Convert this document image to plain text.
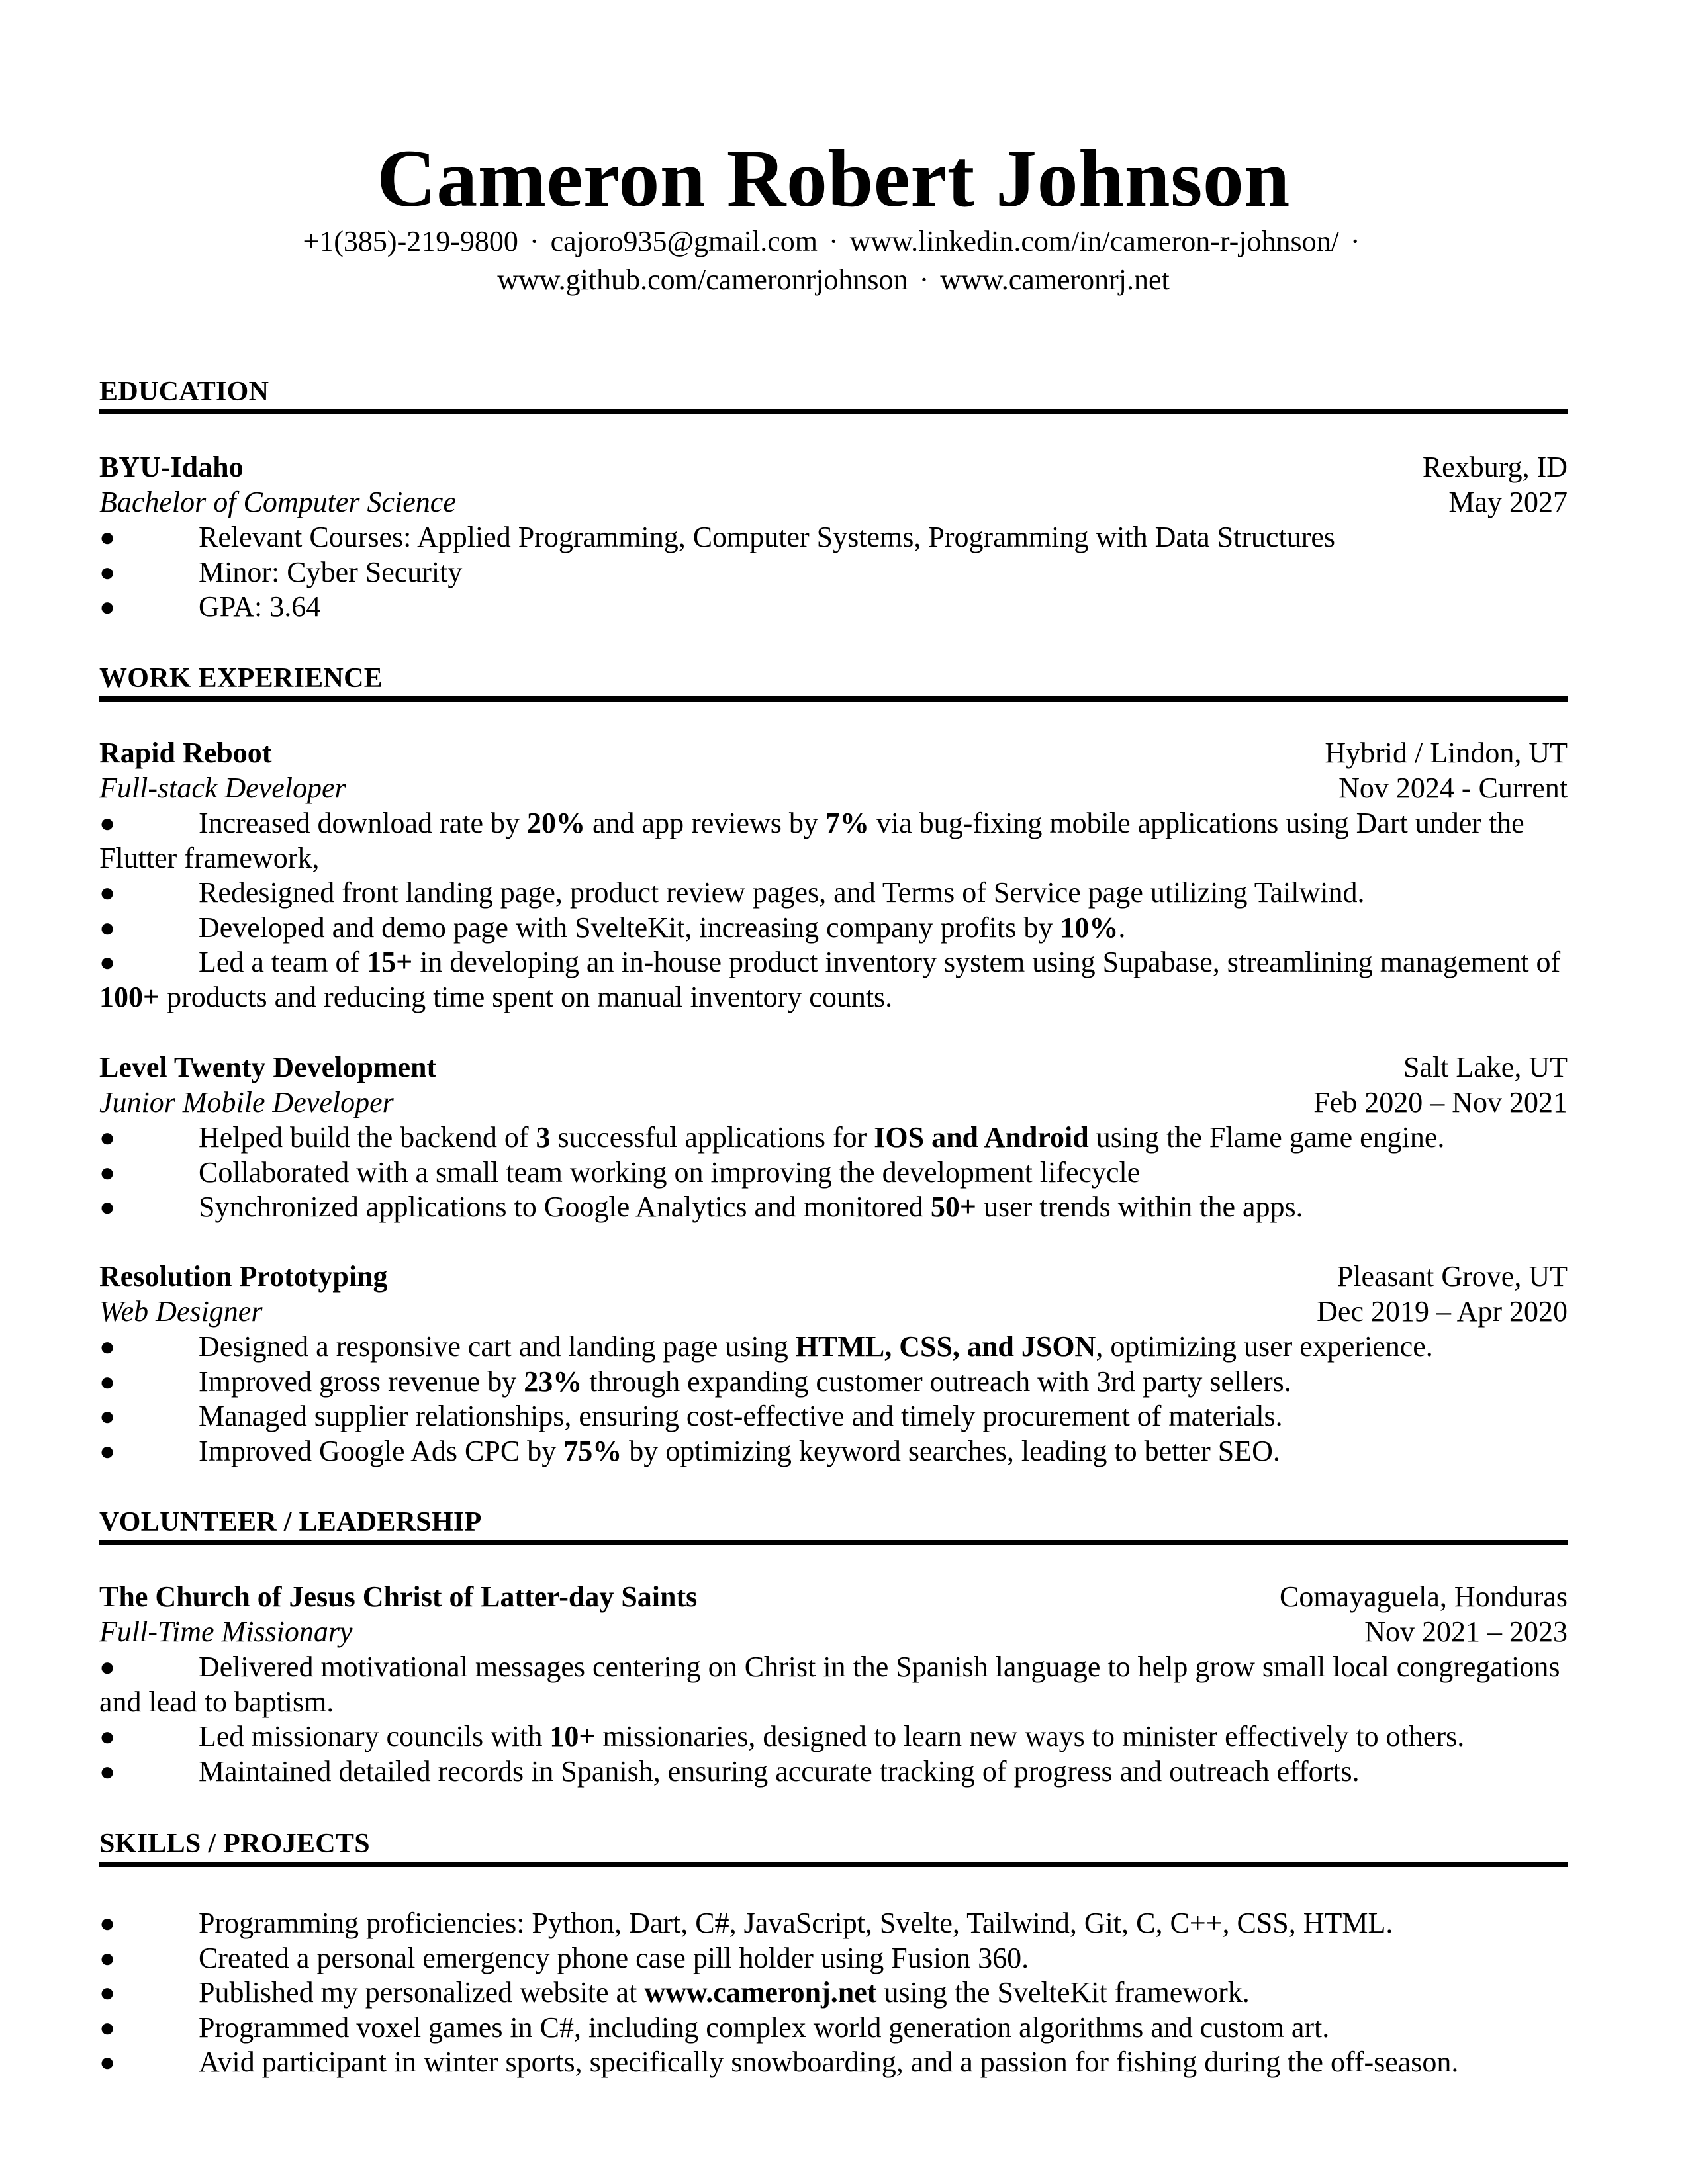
Cameron Robert Johnson
+1(385)-219-9800 · cajoro935@gmail.com · www.linkedin.com/in/cameron-r-johnson/ ·
www.github.com/cameronrjohnson · www.cameronrj.net
EDUCATION
BYU-Idaho	Rexburg, ID
Bachelor of Computer Science	May 2027
●	Relevant Courses: Applied Programming, Computer Systems, Programming with Data Structures
●	Minor: Cyber Security
●	GPA: 3.64
WORK EXPERIENCE
Rapid Reboot	Hybrid / Lindon, UT
Full-stack Developer	Nov 2024 - Current
●	Increased download rate by 20% and app reviews by 7% via bug-fixing mobile applications using Dart under the Flutter framework,
●	Redesigned front landing page, product review pages, and Terms of Service page utilizing Tailwind.
●	Developed and demo page with SvelteKit, increasing company profits by 10%.
●	Led a team of 15+ in developing an in-house product inventory system using Supabase, streamlining management of 100+ products and reducing time spent on manual inventory counts.
Level Twenty Development	Salt Lake, UT
Junior Mobile Developer	Feb 2020 – Nov 2021
●	Helped build the backend of 3 successful applications for IOS and Android using the Flame game engine.
●	Collaborated with a small team working on improving the development lifecycle
●	Synchronized applications to Google Analytics and monitored 50+ user trends within the apps.
Resolution Prototyping	Pleasant Grove, UT
Web Designer	Dec 2019 – Apr 2020
●	Designed a responsive cart and landing page using HTML, CSS, and JSON, optimizing user experience.
●	Improved gross revenue by 23% through expanding customer outreach with 3rd party sellers.
●	Managed supplier relationships, ensuring cost-effective and timely procurement of materials.
●	Improved Google Ads CPC by 75% by optimizing keyword searches, leading to better SEO.
VOLUNTEER / LEADERSHIP
The Church of Jesus Christ of Latter-day Saints	Comayaguela, Honduras
Full-Time Missionary	Nov 2021 – 2023
●	Delivered motivational messages centering on Christ in the Spanish language to help grow small local congregations and lead to baptism.
●	Led missionary councils with 10+ missionaries, designed to learn new ways to minister effectively to others.
●	Maintained detailed records in Spanish, ensuring accurate tracking of progress and outreach efforts.
SKILLS / PROJECTS
●	Programming proficiencies: Python, Dart, C#, JavaScript, Svelte, Tailwind, Git, C, C++, CSS, HTML.
●	Created a personal emergency phone case pill holder using Fusion 360.
●	Published my personalized website at www.cameronj.net using the SvelteKit framework.
●	Programmed voxel games in C#, including complex world generation algorithms and custom art.
●	Avid participant in winter sports, specifically snowboarding, and a passion for fishing during the off-season.
